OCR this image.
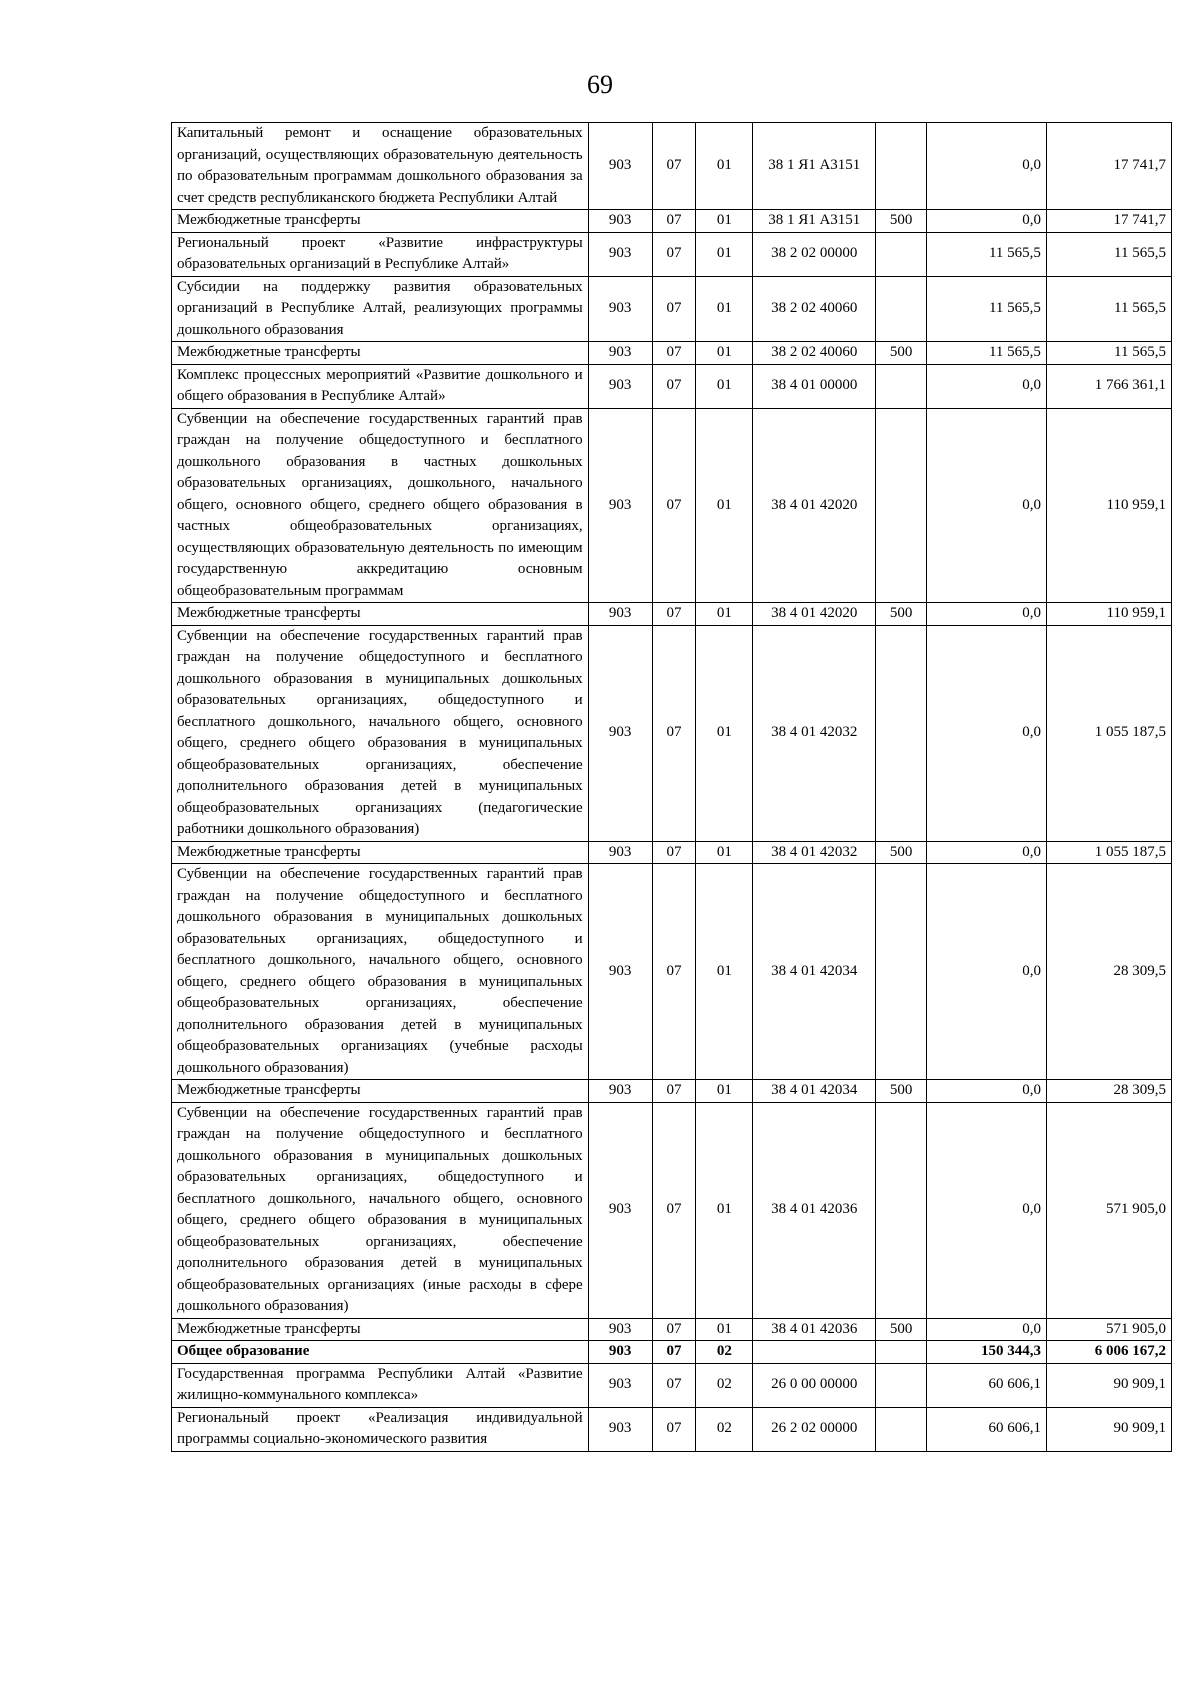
69
Капитальный ремонт и оснащение образовательных организаций, осуществляющих образовательную деятельность по образовательным программам дошкольного образования за счет средств республиканского бюджета Республики Алтай	903	07	01	38 1 Я1 А3151		0,0	17 741,7
Межбюджетные трансферты	903	07	01	38 1 Я1 А3151	500	0,0	17 741,7
Региональный проект «Развитие инфраструктуры образовательных организаций в Республике Алтай»	903	07	01	38 2 02 00000		11 565,5	11 565,5
Субсидии на поддержку развития образовательных организаций в Республике Алтай, реализующих программы дошкольного образования	903	07	01	38 2 02 40060		11 565,5	11 565,5
Межбюджетные трансферты	903	07	01	38 2 02 40060	500	11 565,5	11 565,5
Комплекс процессных мероприятий «Развитие дошкольного и общего образования в Республике Алтай»	903	07	01	38 4 01 00000		0,0	1 766 361,1
Субвенции на обеспечение государственных гарантий прав граждан на получение общедоступного и бесплатного дошкольного образования в частных дошкольных образовательных организациях, дошкольного, начального общего, основного общего, среднего общего образования в частных общеобразовательных организациях, осуществляющих образовательную деятельность по имеющим государственную аккредитацию основным общеобразовательным программам	903	07	01	38 4 01 42020		0,0	110 959,1
Межбюджетные трансферты	903	07	01	38 4 01 42020	500	0,0	110 959,1
Субвенции на обеспечение государственных гарантий прав граждан на получение общедоступного и бесплатного дошкольного образования в муниципальных дошкольных образовательных организациях, общедоступного и бесплатного дошкольного, начального общего, основного общего, среднего общего образования в муниципальных общеобразовательных организациях, обеспечение дополнительного образования детей в муниципальных общеобразовательных организациях (педагогические работники дошкольного образования)	903	07	01	38 4 01 42032		0,0	1 055 187,5
Межбюджетные трансферты	903	07	01	38 4 01 42032	500	0,0	1 055 187,5
Субвенции на обеспечение государственных гарантий прав граждан на получение общедоступного и бесплатного дошкольного образования в муниципальных дошкольных образовательных организациях, общедоступного и бесплатного дошкольного, начального общего, основного общего, среднего общего образования в муниципальных общеобразовательных организациях, обеспечение дополнительного образования детей в муниципальных общеобразовательных организациях (учебные расходы дошкольного образования)	903	07	01	38 4 01 42034		0,0	28 309,5
Межбюджетные трансферты	903	07	01	38 4 01 42034	500	0,0	28 309,5
Субвенции на обеспечение государственных гарантий прав граждан на получение общедоступного и бесплатного дошкольного образования в муниципальных дошкольных образовательных организациях, общедоступного и бесплатного дошкольного, начального общего, основного общего, среднего общего образования в муниципальных общеобразовательных организациях, обеспечение дополнительного образования детей в муниципальных общеобразовательных организациях (иные расходы в сфере дошкольного образования)	903	07	01	38 4 01 42036		0,0	571 905,0
Межбюджетные трансферты	903	07	01	38 4 01 42036	500	0,0	571 905,0
Общее образование	903	07	02			150 344,3	6 006 167,2
Государственная программа Республики Алтай «Развитие жилищно-коммунального комплекса»	903	07	02	26 0 00 00000		60 606,1	90 909,1
Региональный проект «Реализация индивидуальной программы социально-экономического развития	903	07	02	26 2 02 00000		60 606,1	90 909,1
